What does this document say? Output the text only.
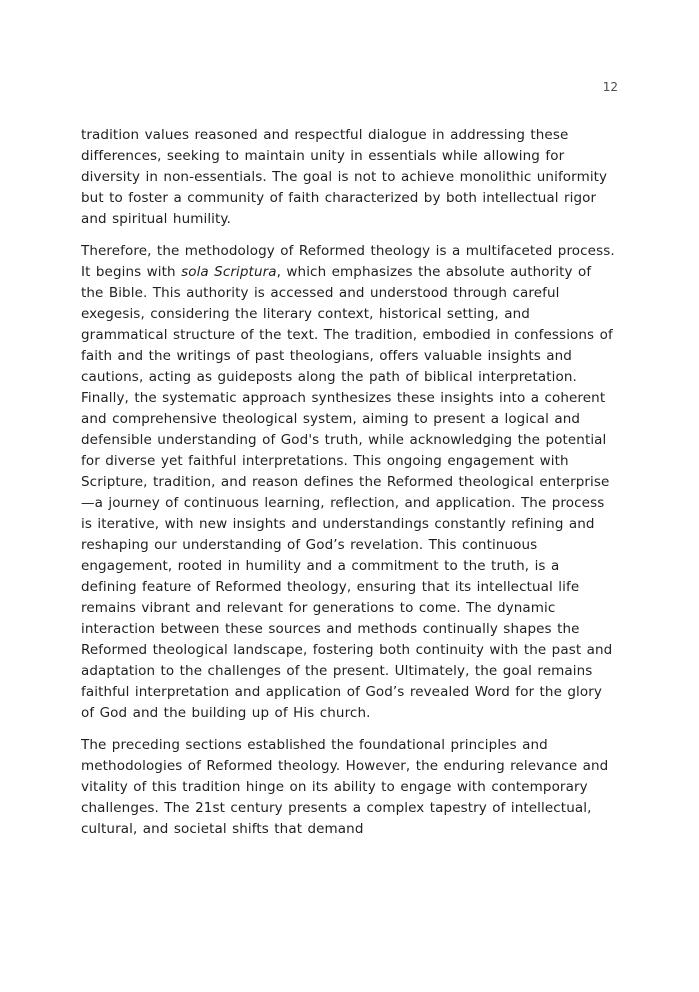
12

tradition values reasoned and respectful dialogue in addressing these differences, seeking to maintain unity in essentials while allowing for diversity in non-essentials. The goal is not to achieve monolithic uniformity but to foster a community of faith characterized by both intellectual rigor and spiritual humility.

Therefore, the methodology of Reformed theology is a multifaceted process. It begins with sola Scriptura, which emphasizes the absolute authority of the Bible. This authority is accessed and understood through careful exegesis, considering the literary context, historical setting, and grammatical structure of the text. The tradition, embodied in confessions of faith and the writings of past theologians, offers valuable insights and cautions, acting as guideposts along the path of biblical interpretation. Finally, the systematic approach synthesizes these insights into a coherent and comprehensive theological system, aiming to present a logical and defensible understanding of God's truth, while acknowledging the potential for diverse yet faithful interpretations. This ongoing engagement with Scripture, tradition, and reason defines the Reformed theological enterprise—a journey of continuous learning, reflection, and application. The process is iterative, with new insights and understandings constantly refining and reshaping our understanding of God’s revelation. This continuous engagement, rooted in humility and a commitment to the truth, is a defining feature of Reformed theology, ensuring that its intellectual life remains vibrant and relevant for generations to come. The dynamic interaction between these sources and methods continually shapes the Reformed theological landscape, fostering both continuity with the past and adaptation to the challenges of the present. Ultimately, the goal remains faithful interpretation and application of God’s revealed Word for the glory of God and the building up of His church.

The preceding sections established the foundational principles and methodologies of Reformed theology. However, the enduring relevance and vitality of this tradition hinge on its ability to engage with contemporary challenges. The 21st century presents a complex tapestry of intellectual, cultural, and societal shifts that demand
